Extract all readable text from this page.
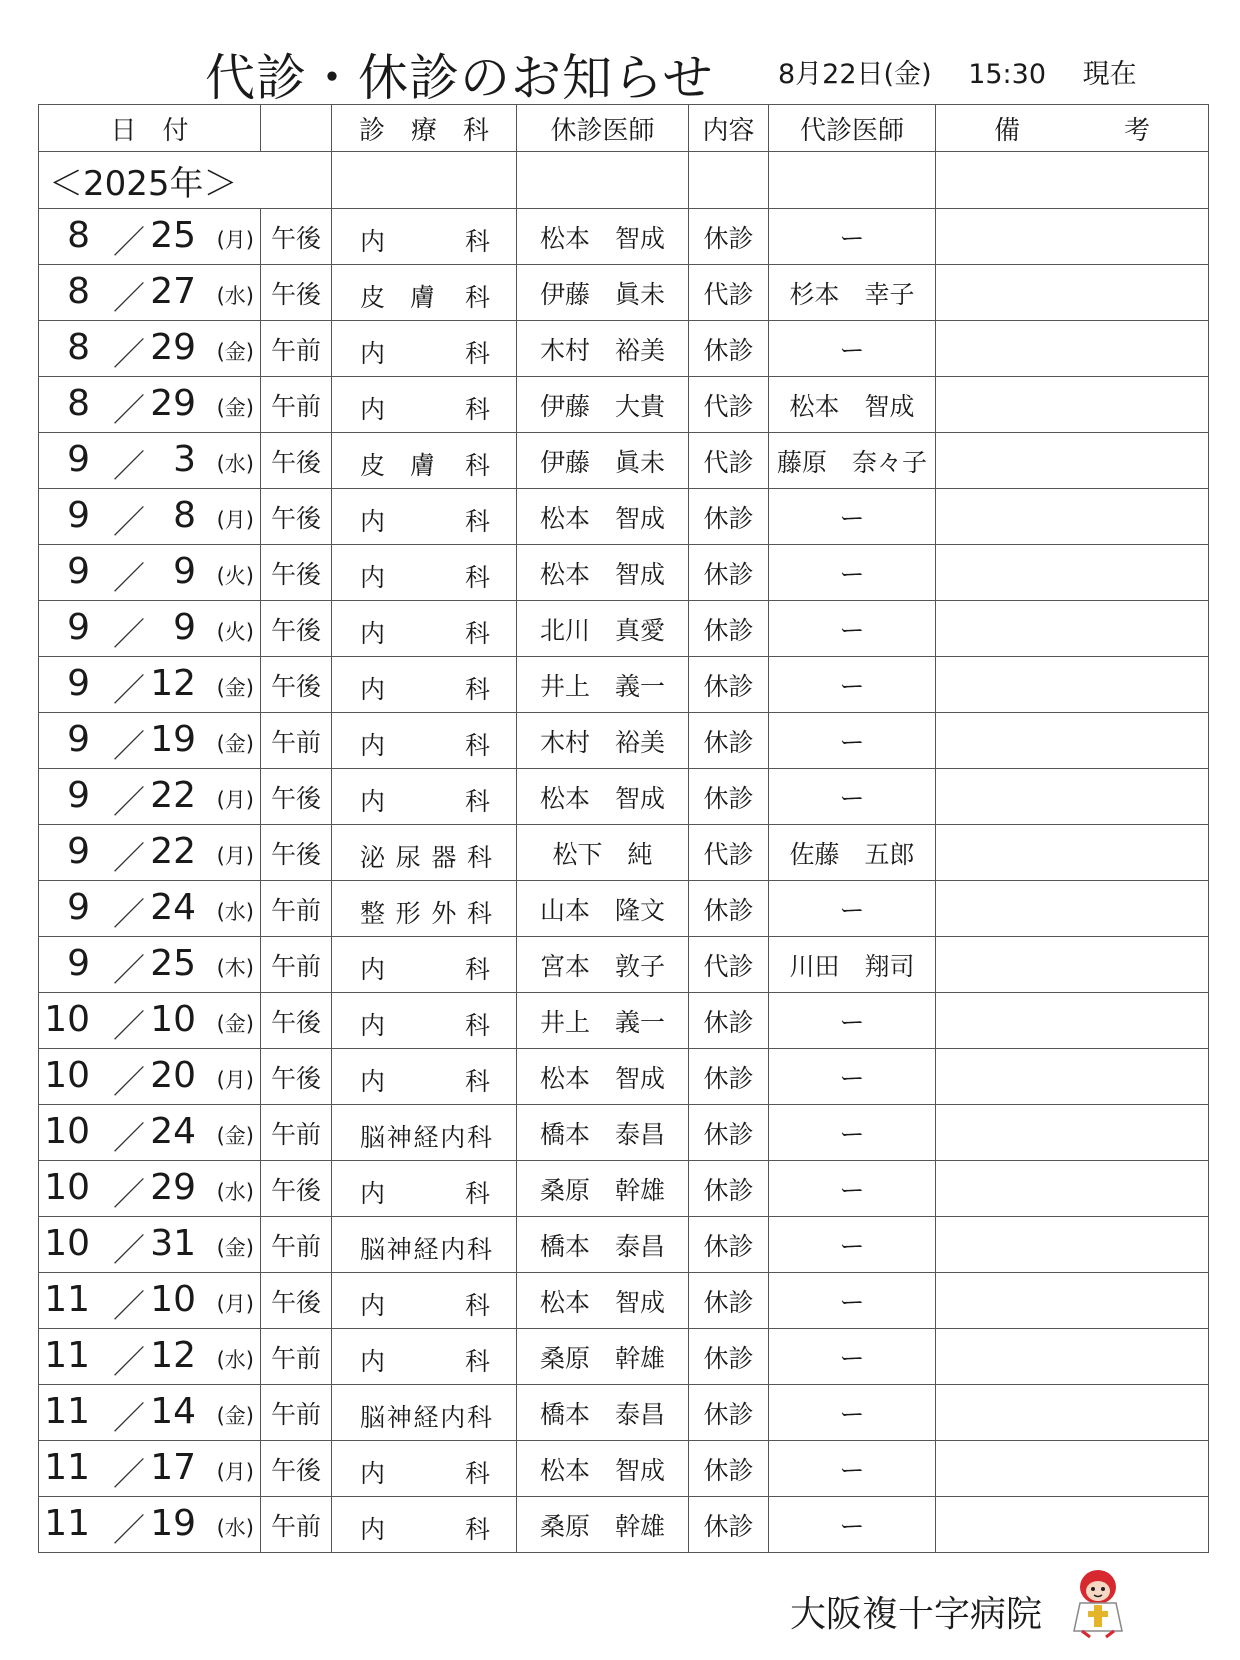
代診・休診のお知らせ 8月22日(金) 15:30 現在
日　付		診　療　科	休診医師	内容	代診医師	備　　　　考
＜2025年＞						

8 ／ 25 (月)	午後	内 科	松本　智成	休診	ー	

8 ／ 27 (水)	午後	皮　膚 科	伊藤　眞未	代診	杉本　幸子	

8 ／ 29 (金)	午前	内 科	木村　裕美	休診	ー	

8 ／ 29 (金)	午前	内 科	伊藤　大貴	代診	松本　智成	

9 ／ 3 (水)	午後	皮　膚 科	伊藤　眞未	代診	藤原　奈々子	

9 ／ 8 (月)	午後	内 科	松本　智成	休診	ー	

9 ／ 9 (火)	午後	内 科	松本　智成	休診	ー	

9 ／ 9 (火)	午後	内 科	北川　真愛	休診	ー	

9 ／ 12 (金)	午後	内 科	井上　義一	休診	ー	

9 ／ 19 (金)	午前	内 科	木村　裕美	休診	ー	

9 ／ 22 (月)	午後	内 科	松本　智成	休診	ー	

9 ／ 22 (月)	午後	泌尿器科	松下　純	代診	佐藤　五郎	

9 ／ 24 (水)	午前	整形外科	山本　隆文	休診	ー	

9 ／ 25 (木)	午前	内 科	宮本　敦子	代診	川田　翔司	

10 ／ 10 (金)	午後	内 科	井上　義一	休診	ー	

10 ／ 20 (月)	午後	内 科	松本　智成	休診	ー	

10 ／ 24 (金)	午前	脳神経内科	橋本　泰昌	休診	ー	

10 ／ 29 (水)	午後	内 科	桑原　幹雄	休診	ー	

10 ／ 31 (金)	午前	脳神経内科	橋本　泰昌	休診	ー	

11 ／ 10 (月)	午後	内 科	松本　智成	休診	ー	

11 ／ 12 (水)	午前	内 科	桑原　幹雄	休診	ー	

11 ／ 14 (金)	午前	脳神経内科	橋本　泰昌	休診	ー	

11 ／ 17 (月)	午後	内 科	松本　智成	休診	ー	

11 ／ 19 (水)	午前	内 科	桑原　幹雄	休診	ー	
大阪複十字病院
